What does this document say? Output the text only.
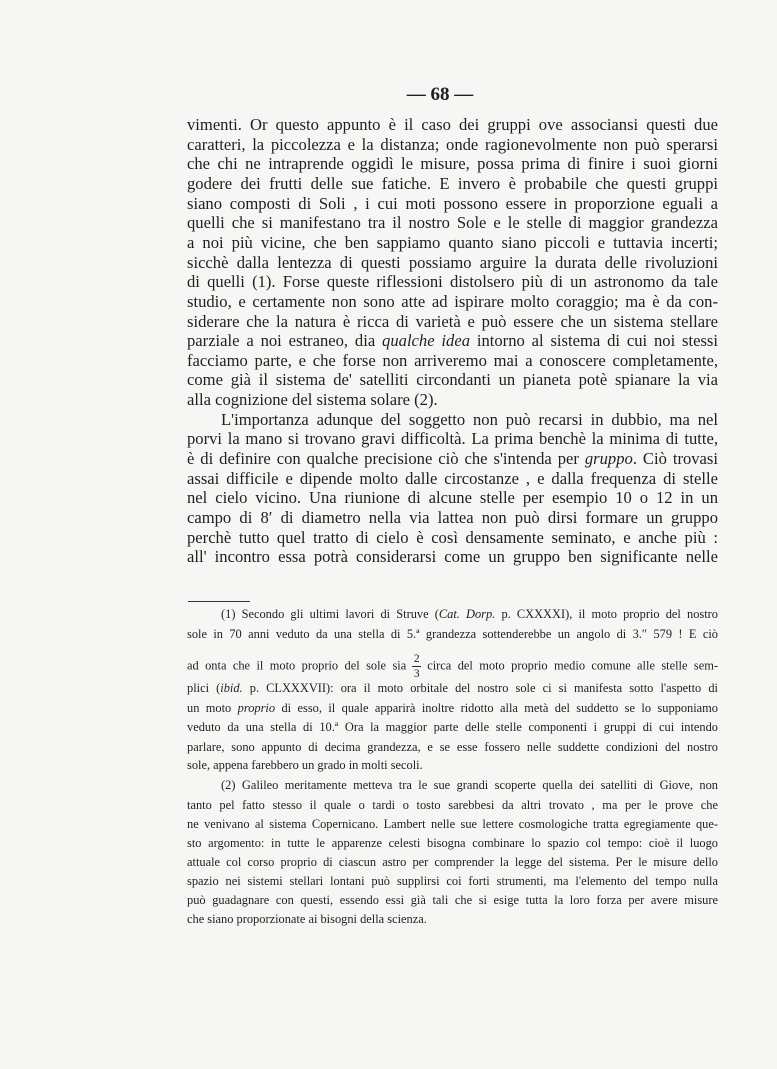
— 68 —
vimenti. Or questo appunto è il caso dei gruppi ove associansi questi due
caratteri, la piccolezza e la distanza; onde ragionevolmente non può sperarsi
che chi ne intraprende oggidì le misure, possa prima di finire i suoi giorni
godere dei frutti delle sue fatiche. E invero è probabile che questi gruppi
siano composti di Soli , i cui moti possono essere in proporzione eguali a
quelli che si manifestano tra il nostro Sole e le stelle di maggior grandezza
a noi più vicine, che ben sappiamo quanto siano piccoli e tuttavia incerti;
sicchè dalla lentezza di questi possiamo arguire la durata delle rivoluzioni
di quelli (1). Forse queste riflessioni distolsero più di un astronomo da tale
studio, e certamente non sono atte ad ispirare molto coraggio; ma è da con-
siderare che la natura è ricca di varietà e può essere che un sistema stellare
parziale a noi estraneo, dia qualche idea intorno al sistema di cui noi stessi
facciamo parte, e che forse non arriveremo mai a conoscere completamente,
come già il sistema de' satelliti circondanti un pianeta potè spianare la via
alla cognizione del sistema solare (2).
L'importanza adunque del soggetto non può recarsi in dubbio, ma nel
porvi la mano si trovano gravi difficoltà. La prima benchè la minima di tutte,
è di definire con qualche precisione ciò che s'intenda per gruppo. Ciò trovasi
assai difficile e dipende molto dalle circostanze , e dalla frequenza di stelle
nel cielo vicino. Una riunione di alcune stelle per esempio 10 o 12 in un
campo di 8′ di diametro nella via lattea non può dirsi formare un gruppo
perchè tutto quel tratto di cielo è così densamente seminato, e anche più :
all' incontro essa potrà considerarsi come un gruppo ben significante nelle
(1) Secondo gli ultimi lavori di Struve (Cat. Dorp. p. CXXXXI), il moto proprio del nostro
sole in 70 anni veduto da una stella di 5.ª grandezza sottenderebbe un angolo di 3.″ 579 ! E ciò
ad onta che il moto proprio del sole sia $\frac{2}{3}$ circa del moto proprio medio comune alle stelle sem-
plici (ibid. p. CLXXXVII): ora il moto orbitale del nostro sole ci si manifesta sotto l'aspetto di
un moto proprio di esso, il quale apparirà inoltre ridotto alla metà del suddetto se lo supponiamo
veduto da una stella di 10.ª Ora la maggior parte delle stelle componenti i gruppi di cui intendo
parlare, sono appunto di decima grandezza, e se esse fossero nelle suddette condizioni del nostro
sole, appena farebbero un grado in molti secoli.
(2) Galileo meritamente metteva tra le sue grandi scoperte quella dei satelliti di Giove, non
tanto pel fatto stesso il quale o tardi o tosto sarebbesi da altri trovato , ma per le prove che
ne venivano al sistema Copernicano. Lambert nelle sue lettere cosmologiche tratta egregiamente que-
sto argomento: in tutte le apparenze celesti bisogna combinare lo spazio col tempo: cioè il luogo
attuale col corso proprio di ciascun astro per comprender la legge del sistema. Per le misure dello
spazio nei sistemi stellari lontani può supplirsi coi forti strumenti, ma l'elemento del tempo nulla
può guadagnare con questi, essendo essi già tali che si esige tutta la loro forza per avere misure
che siano proporzionate ai bisogni della scienza.
